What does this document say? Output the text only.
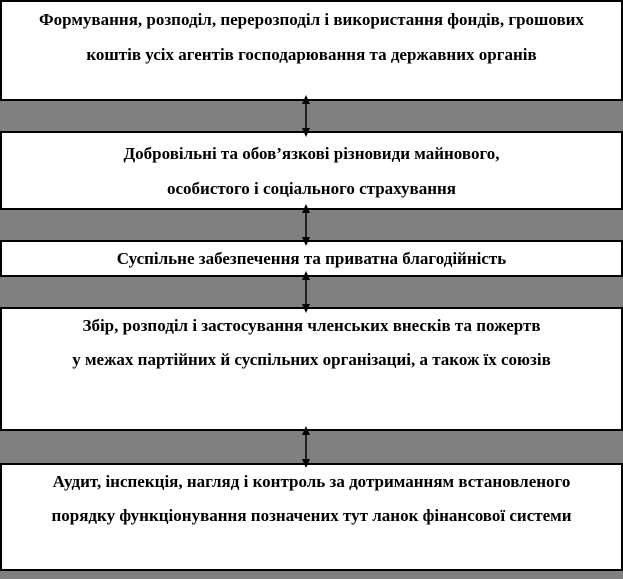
Формування, розподіл, перерозподіл і використання фондів, грошових
коштів усіх агентів господарювання та державних органів
Добровільні та обов’язкові різновиди майнового,
особистого і соціального страхування
Суспільне забезпечення та приватна благодійність
Збір, розподіл і застосування членських внесків та пожертв
у межах партійних й суспільних організациі, а також їх союзів
Аудит, інспекція, нагляд і контроль за дотриманням встановленого
порядку функціонування позначених тут ланок фінансової системи
